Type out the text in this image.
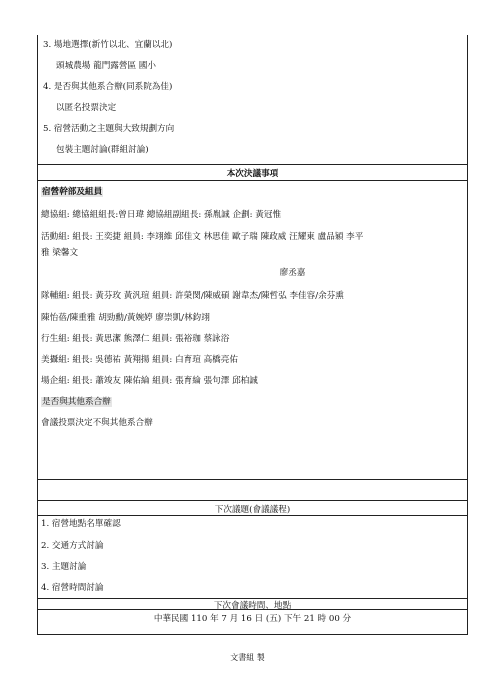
3. 場地選擇(新竹以北、宜蘭以北)
頭城農場 龍門露營區 國小
4. 是否與其他系合辦(同系院為佳)
以匿名投票決定
5. 宿營活動之主題與大致規劃方向
包裝主題討論(群組討論)
本次決議事項
宿營幹部及組員
總協組: 總協組組長:曾日瑋 總協組副組長: 孫胤誠 企劃: 黃冠惟
活動組: 組長: 王奕捷 組員: 李翊維 邱佳文 林思佳 歐子瑞 陳政威 汪耀東 盧品穎 李平
雅 梁馨文
廖丞嘉
隊輔組: 組長: 黃芬玫 黃汎瑄 組員: 許榮閔/陳威碩 謝韋杰/陳哲弘 李佳容/余芬熏
陳怡蓓/陳重雅 胡勁勳/黃婉婷 廖崇凱/林鈞翊
行生組: 組長: 黃思潔 熊澤仁 組員: 張裕珈 蔡詠浴
美攝組: 組長: 吳德祐 黃翔揚 組員: 白育瑄 高橋亮佑
場企組: 組長: 蕭竣友 陳佑綸 組員: 張育綸 張句澤 邱柏誠
是否與其他系合辦
會議投票決定不與其他系合辦
下次議題(會議議程)
1. 宿營地點名單確認
2. 交通方式討論
3. 主題討論
4. 宿營時間討論
下次會議時間、地點
中華民國 110 年 7 月 16 日 (五) 下午 21 時 00 分
文書組 製
